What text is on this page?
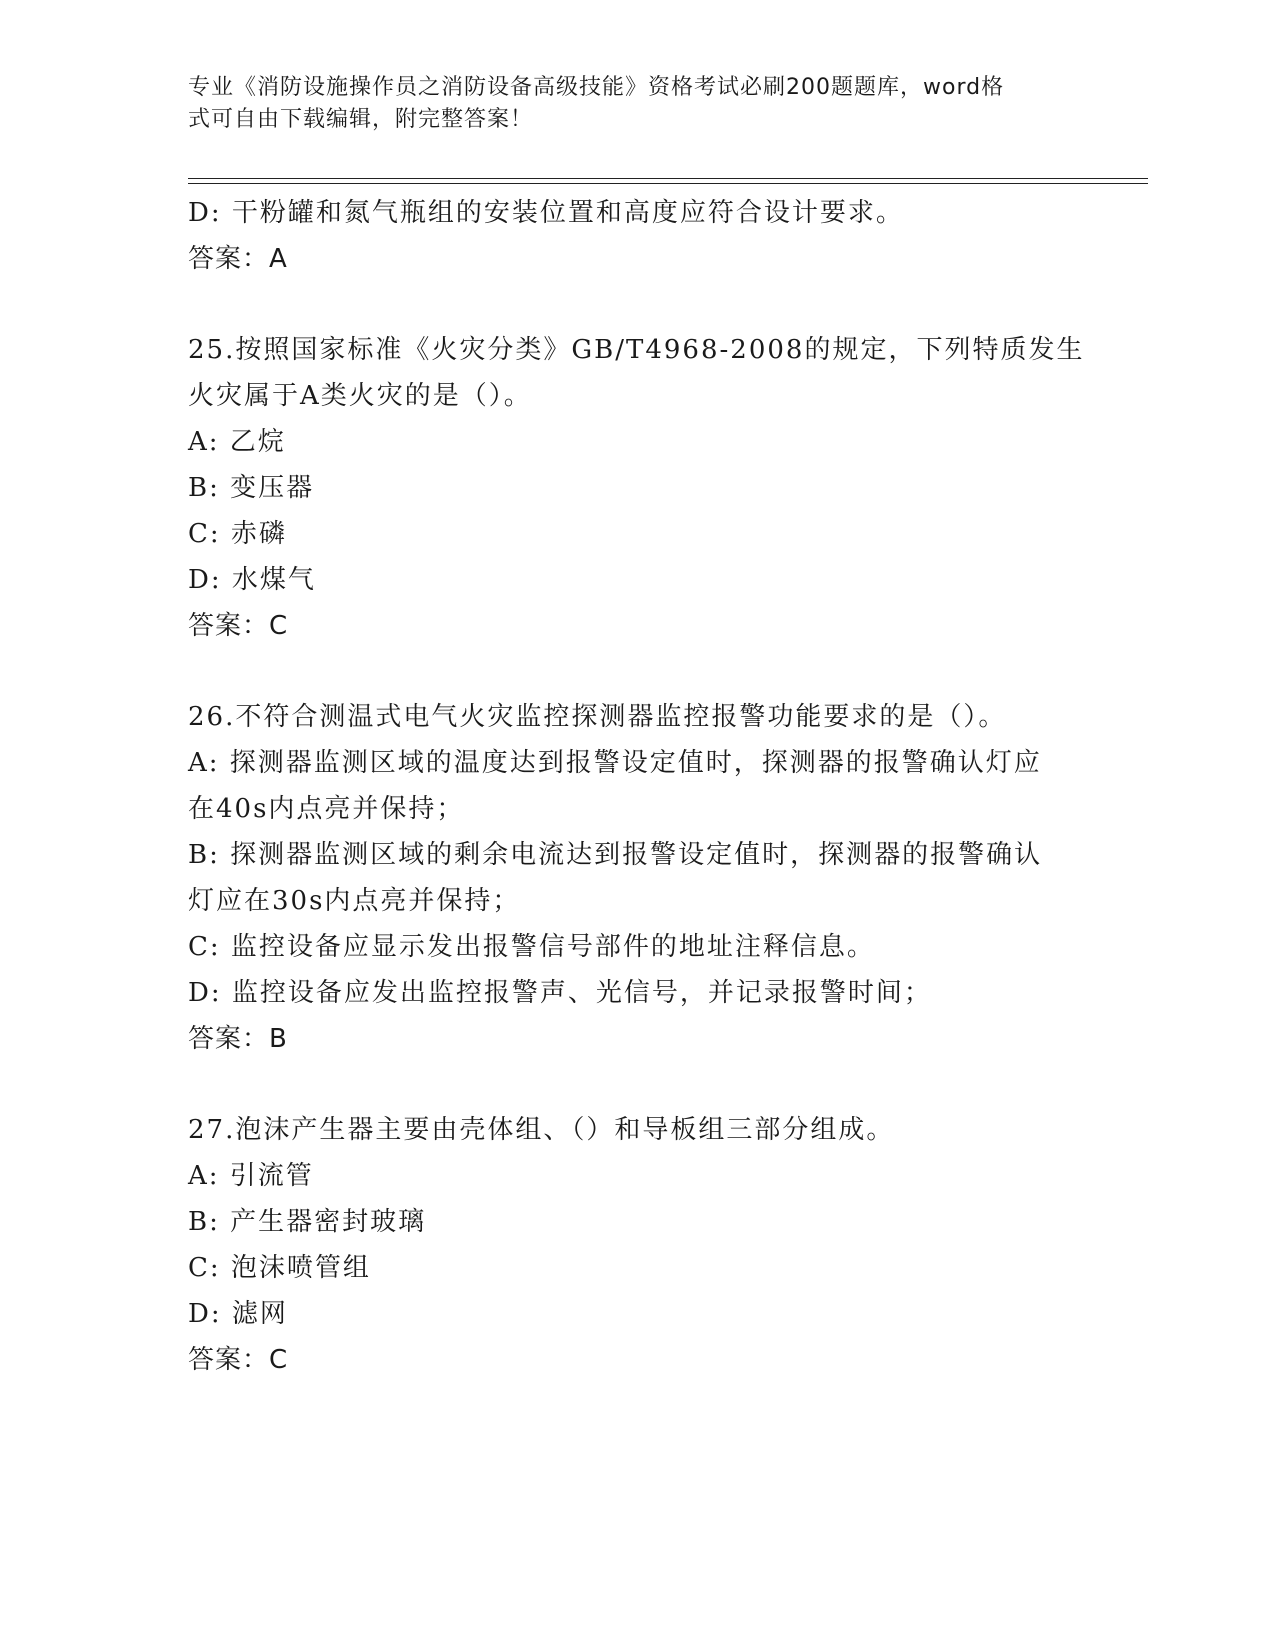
专业《消防设施操作员之消防设备高级技能》资格考试必刷200题题库，word格
式可自由下载编辑，附完整答案！
D: 干粉罐和氮气瓶组的安装位置和高度应符合设计要求。
答案：A
25.按照国家标准《火灾分类》GB/T4968-2008的规定，下列特质发生
火灾属于A类火灾的是（）。
A: 乙烷
B: 变压器
C: 赤磷
D: 水煤气
答案：C
26.不符合测温式电气火灾监控探测器监控报警功能要求的是（）。
A: 探测器监测区域的温度达到报警设定值时，探测器的报警确认灯应
在40s内点亮并保持；
B: 探测器监测区域的剩余电流达到报警设定值时，探测器的报警确认
灯应在30s内点亮并保持；
C: 监控设备应显示发出报警信号部件的地址注释信息。
D: 监控设备应发出监控报警声、光信号，并记录报警时间；
答案：B
27.泡沫产生器主要由壳体组、（）和导板组三部分组成。
A: 引流管
B: 产生器密封玻璃
C: 泡沫喷管组
D: 滤网
答案：C
